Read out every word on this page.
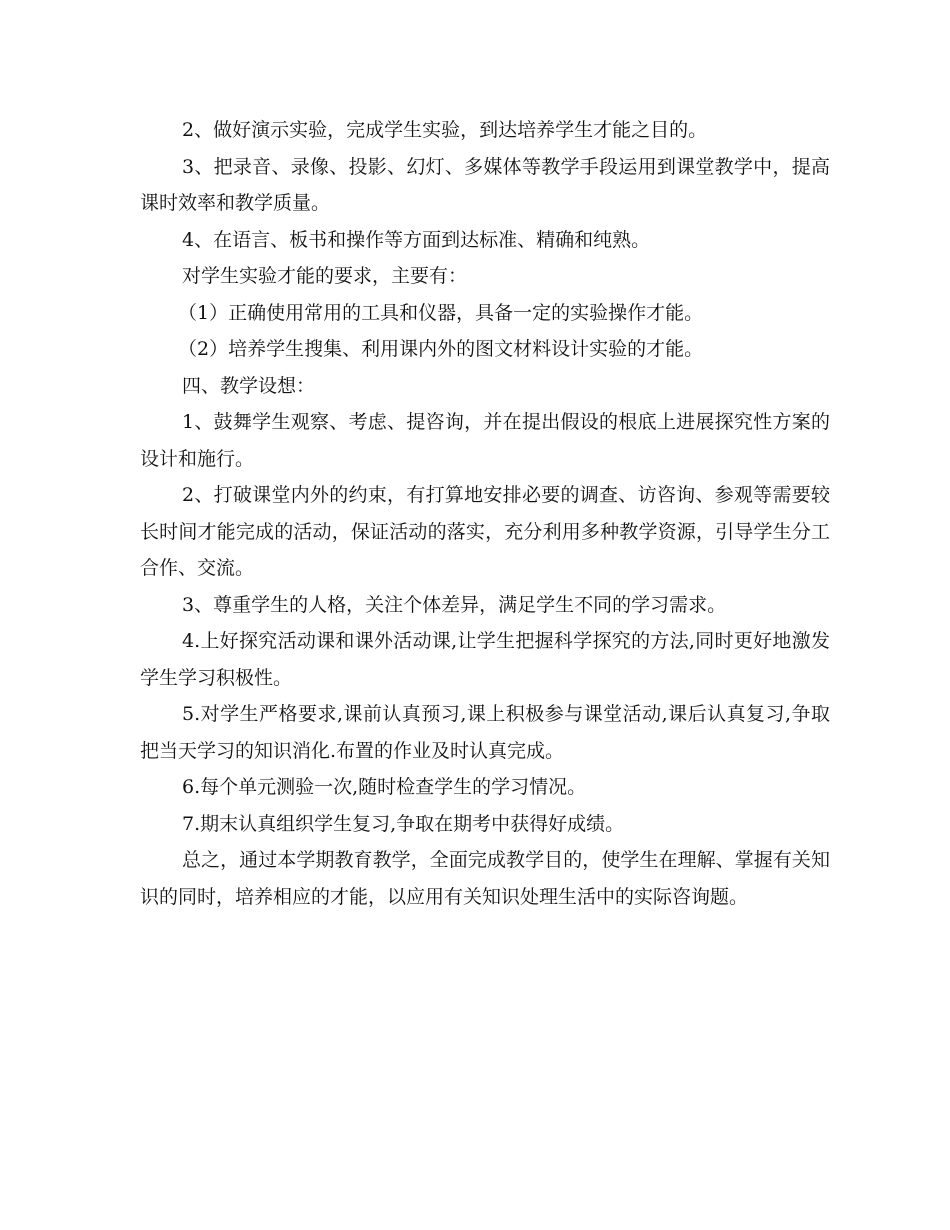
2、做好演示实验，完成学生实验，到达培养学生才能之目的。

3、把录音、录像、投影、幻灯、多媒体等教学手段运用到课堂教学中，提高课时效率和教学质量。

4、在语言、板书和操作等方面到达标准、精确和纯熟。

对学生实验才能的要求，主要有：

（1）正确使用常用的工具和仪器，具备一定的实验操作才能。

（2）培养学生搜集、利用课内外的图文材料设计实验的才能。

四、教学设想：

1、鼓舞学生观察、考虑、提咨询，并在提出假设的根底上进展探究性方案的设计和施行。

2、打破课堂内外的约束，有打算地安排必要的调查、访咨询、参观等需要较长时间才能完成的活动，保证活动的落实，充分利用多种教学资源，引导学生分工合作、交流。

3、尊重学生的人格，关注个体差异，满足学生不同的学习需求。

4.上好探究活动课和课外活动课,让学生把握科学探究的方法,同时更好地激发学生学习积极性。

5.对学生严格要求,课前认真预习,课上积极参与课堂活动,课后认真复习,争取把当天学习的知识消化.布置的作业及时认真完成。

6.每个单元测验一次,随时检查学生的学习情况。

7.期末认真组织学生复习,争取在期考中获得好成绩。

总之，通过本学期教育教学，全面完成教学目的，使学生在理解、掌握有关知识的同时，培养相应的才能，以应用有关知识处理生活中的实际咨询题。
